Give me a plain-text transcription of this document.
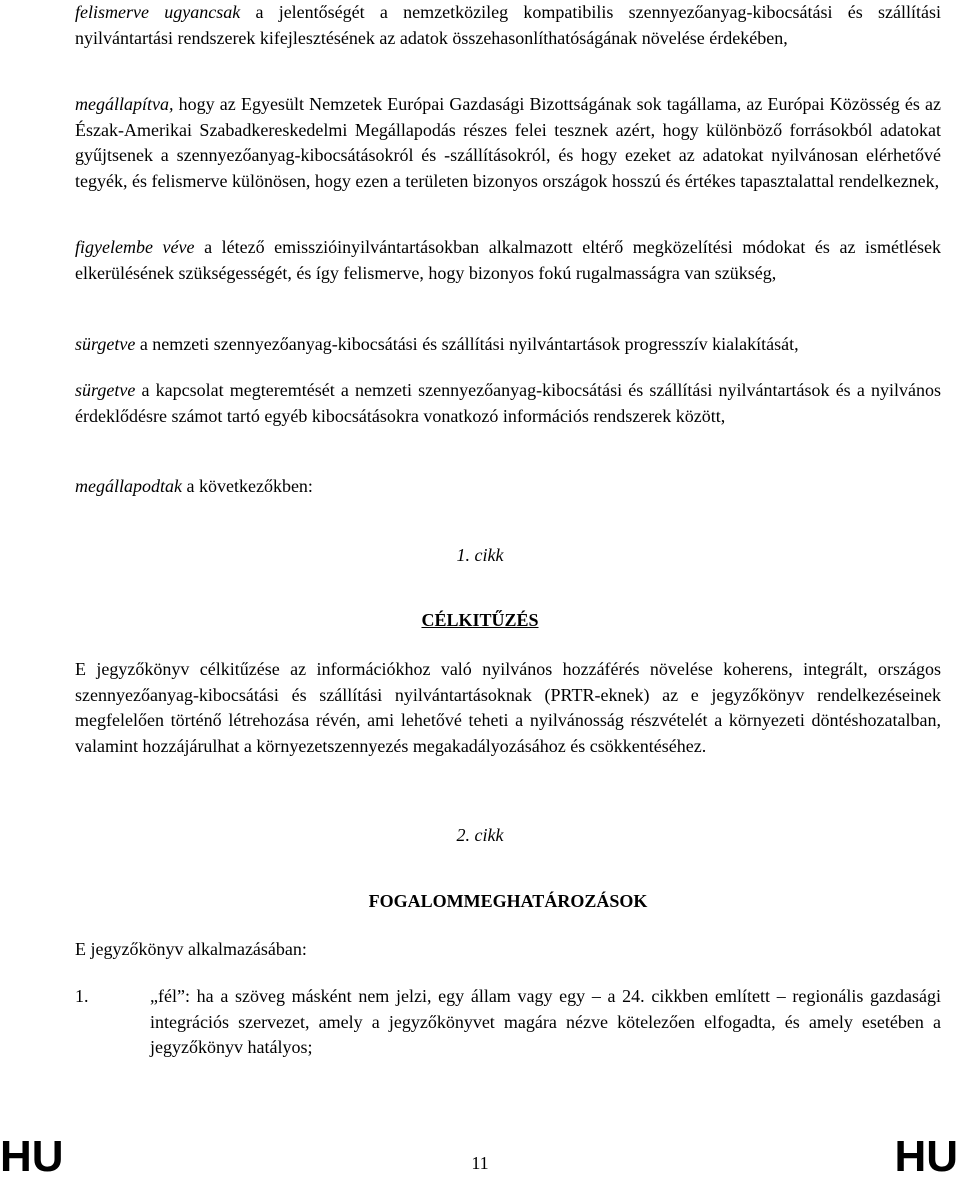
felismerve ugyancsak a jelentőségét a nemzetközileg kompatibilis szennyezőanyag-kibocsátási és szállítási nyilvántartási rendszerek kifejlesztésének az adatok összehasonlíthatóságának növelése érdekében,

megállapítva, hogy az Egyesült Nemzetek Európai Gazdasági Bizottságának sok tagállama, az Európai Közösség és az Észak-Amerikai Szabadkereskedelmi Megállapodás részes felei tesznek azért, hogy különböző forrásokból adatokat gyűjtsenek a szennyezőanyag-kibocsátásokról és -szállításokról, és hogy ezeket az adatokat nyilvánosan elérhetővé tegyék, és felismerve különösen, hogy ezen a területen bizonyos országok hosszú és értékes tapasztalattal rendelkeznek,

figyelembe véve a létező emisszióinyilvántartásokban alkalmazott eltérő megközelítési módokat és az ismétlések elkerülésének szükségességét, és így felismerve, hogy bizonyos fokú rugalmasságra van szükség,

sürgetve a nemzeti szennyezőanyag-kibocsátási és szállítási nyilvántartások progresszív kialakítását,

sürgetve a kapcsolat megteremtését a nemzeti szennyezőanyag-kibocsátási és szállítási nyilvántartások és a nyilvános érdeklődésre számot tartó egyéb kibocsátásokra vonatkozó információs rendszerek között,

megállapodtak a következőkben:

1. cikk

CÉLKITŰZÉS

E jegyzőkönyv célkitűzése az információkhoz való nyilvános hozzáférés növelése koherens, integrált, országos szennyezőanyag-kibocsátási és szállítási nyilvántartásoknak (PRTR-eknek) az e jegyzőkönyv rendelkezéseinek megfelelően történő létrehozása révén, ami lehetővé teheti a nyilvánosság részvételét a környezeti döntéshozatalban, valamint hozzájárulhat a környezetszennyezés megakadályozásához és csökkentéséhez.

2. cikk

FOGALOMMEGHATÁROZÁSOK

E jegyzőkönyv alkalmazásában:

1.	„fél”: ha a szöveg másként nem jelzi, egy állam vagy egy – a 24. cikkben említett – regionális gazdasági integrációs szervezet, amely a jegyzőkönyvet magára nézve kötelezően elfogadta, és amely esetében a jegyzőkönyv hatályos;
HU	11	HU
